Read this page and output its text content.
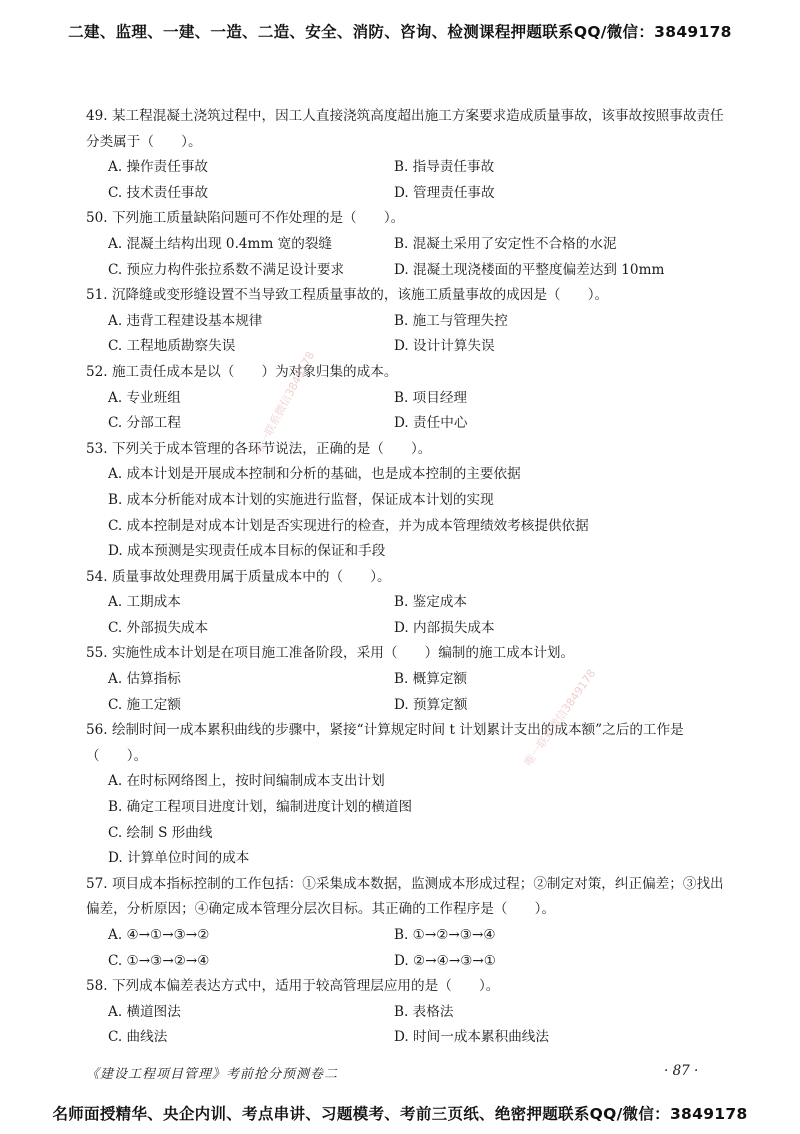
二建、监理、一建、一造、二造、安全、消防、咨询、检测课程押题联系QQ/微信：3849178

49. 某工程混凝土浇筑过程中，因工人直接浇筑高度超出施工方案要求造成质量事故，该事故按照事故责任分类属于（　　）。

A. 操作责任事故	B. 指导责任事故
C. 技术责任事故	D. 管理责任事故

50. 下列施工质量缺陷问题可不作处理的是（　　）。

A. 混凝土结构出现 0.4mm 宽的裂缝	B. 混凝土采用了安定性不合格的水泥
C. 预应力构件张拉系数不满足设计要求	D. 混凝土现浇楼面的平整度偏差达到 10mm

51. 沉降缝或变形缝设置不当导致工程质量事故的，该施工质量事故的成因是（　　）。

A. 违背工程建设基本规律	B. 施工与管理失控
C. 工程地质勘察失误	D. 设计计算失误

52. 施工责任成本是以（　　）为对象归集的成本。

A. 专业班组	B. 项目经理
C. 分部工程	D. 责任中心

53. 下列关于成本管理的各环节说法，正确的是（　　）。

A. 成本计划是开展成本控制和分析的基础，也是成本控制的主要依据
B. 成本分析能对成本计划的实施进行监督，保证成本计划的实现
C. 成本控制是对成本计划是否实现进行的检查，并为成本管理绩效考核提供依据
D. 成本预测是实现责任成本目标的保证和手段

54. 质量事故处理费用属于质量成本中的（　　）。

A. 工期成本	B. 鉴定成本
C. 外部损失成本	D. 内部损失成本

55. 实施性成本计划是在项目施工准备阶段，采用（　　）编制的施工成本计划。

A. 估算指标	B. 概算定额
C. 施工定额	D. 预算定额

56. 绘制时间一成本累积曲线的步骤中，紧接“计算规定时间 t 计划累计支出的成本额”之后的工作是（　　）。

A. 在时标网络图上，按时间编制成本支出计划
B. 确定工程项目进度计划，编制进度计划的横道图
C. 绘制 S 形曲线
D. 计算单位时间的成本

57. 项目成本指标控制的工作包括：①采集成本数据，监测成本形成过程；②制定对策，纠正偏差；③找出偏差，分析原因；④确定成本管理分层次目标。其正确的工作程序是（　　）。

A. ④→①→③→②	B. ①→②→③→④
C. ①→③→②→④	D. ②→④→③→①

58. 下列成本偏差表达方式中，适用于较高管理层应用的是（　　）。

A. 横道图法	B. 表格法
C. 曲线法	D. 时间一成本累积曲线法
《建设工程项目管理》考前抢分预测卷二	· 87 ·
名师面授精华、央企内训、考点串讲、习题模考、考前三页纸、绝密押题联系QQ/微信：3849178
唯一联系微信3849178
唯一联系微信3849178
